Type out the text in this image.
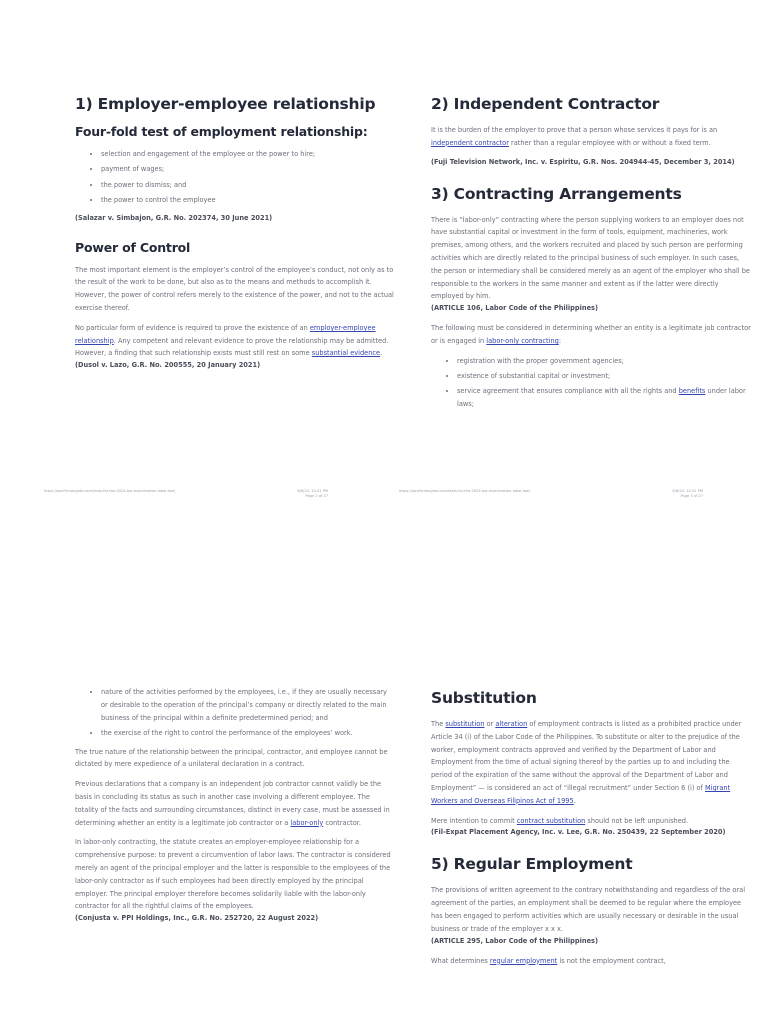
1) Employer-employee relationship
Four-fold test of employment relationship:
• selection and engagement of the employee or the power to hire;
• payment of wages;
• the power to dismiss; and
• the power to control the employee
(Salazar v. Simbajon, G.R. No. 202374, 30 June 2021)
Power of Control

The most important element is the employer’s control of the employee’s conduct, not only as to the result of the work to be done, but also as to the means and methods to accomplish it. However, the power of control refers merely to the existence of the power, and not to the actual exercise thereof.

No particular form of evidence is required to prove the existence of an employer-employee relationship. Any competent and relevant evidence to prove the relationship may be admitted. However, a finding that such relationship exists must still rest on some substantial evidence.

(Dusol v. Lazo, G.R. No. 200555, 20 January 2021)
2) Independent Contractor

It is the burden of the employer to prove that a person whose services it pays for is an independent contractor rather than a regular employee with or without a fixed term.

(Fuji Television Network, Inc. v. Espiritu, G.R. Nos. 204944-45, December 3, 2014)
3) Contracting Arrangements

There is “labor-only” contracting where the person supplying workers to an employer does not have substantial capital or investment in the form of tools, equipment, machineries, work premises, among others, and the workers recruited and placed by such person are performing activities which are directly related to the principal business of such employer. In such cases, the person or intermediary shall be considered merely as an agent of the employer who shall be responsible to the workers in the same manner and extent as if the latter were directly employed by him.

(ARTICLE 106, Labor Code of the Philippines)

The following must be considered in determining whether an entity is a legitimate job contractor or is engaged in labor-only contracting:

• registration with the proper government agencies;
• existence of substantial capital or investment;
• service agreement that ensures compliance with all the rights and benefits under labor laws;
https://pacificnaughts.com/tests-for-the-2024-bar-examination-labor-law/	8/8/24, 10:31 PM
Page 2 of 27
https://pacificnaughts.com/tests-for-the-2024-bar-examination-labor-law/	8/8/24, 10:31 PM
Page 3 of 27
• nature of the activities performed by the employees, i.e., if they are usually necessary or desirable to the operation of the principal’s company or directly related to the main business of the principal within a definite predetermined period; and
• the exercise of the right to control the performance of the employees’ work.

The true nature of the relationship between the principal, contractor, and employee cannot be dictated by mere expedience of a unilateral declaration in a contract.

Previous declarations that a company is an independent job contractor cannot validly be the basis in concluding its status as such in another case involving a different employee. The totality of the facts and surrounding circumstances, distinct in every case, must be assessed in determining whether an entity is a legitimate job contractor or a labor-only contractor.

In labor-only contracting, the statute creates an employer-employee relationship for a comprehensive purpose: to prevent a circumvention of labor laws. The contractor is considered merely an agent of the principal employer and the latter is responsible to the employees of the labor-only contractor as if such employees had been directly employed by the principal employer. The principal employer therefore becomes solidarily liable with the labor-only contractor for all the rightful claims of the employees.

(Conjusta v. PPI Holdings, Inc., G.R. No. 252720, 22 August 2022)
Substitution

The substitution or alteration of employment contracts is listed as a prohibited practice under Article 34 (i) of the Labor Code of the Philippines. To substitute or alter to the prejudice of the worker, employment contracts approved and verified by the Department of Labor and Employment from the time of actual signing thereof by the parties up to and including the period of the expiration of the same without the approval of the Department of Labor and Employment” — is considered an act of “illegal recruitment” under Section 6 (i) of Migrant Workers and Overseas Filipinos Act of 1995.

Mere intention to commit contract substitution should not be left unpunished.

(Fil-Expat Placement Agency, Inc. v. Lee, G.R. No. 250439, 22 September 2020)
5) Regular Employment

The provisions of written agreement to the contrary notwithstanding and regardless of the oral agreement of the parties, an employment shall be deemed to be regular where the employee has been engaged to perform activities which are usually necessary or desirable in the usual business or trade of the employer x x x.

(ARTICLE 295, Labor Code of the Philippines)

What determines regular employment is not the employment contract,
